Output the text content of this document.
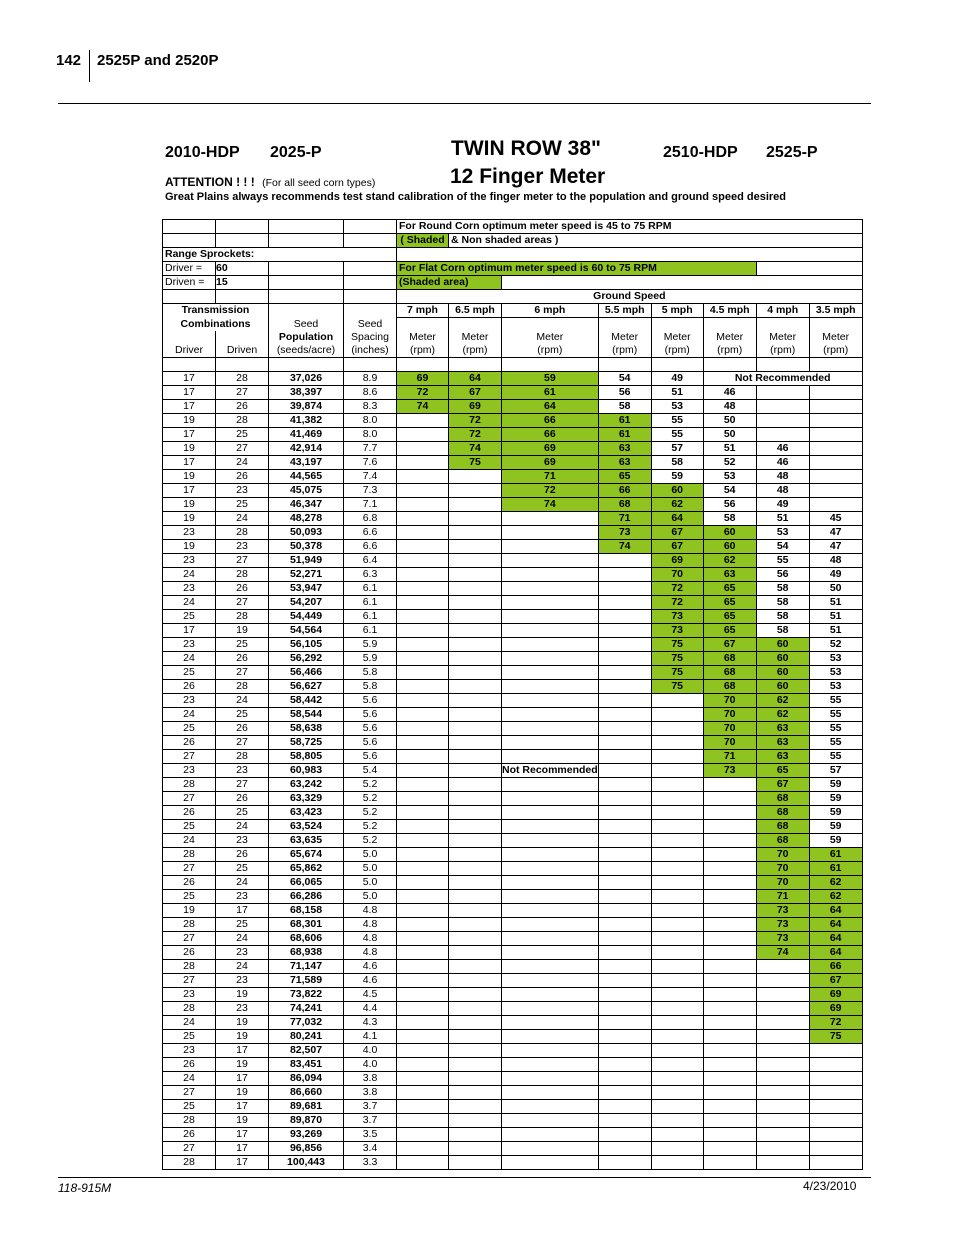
142 2525P and 2520P
2010-HDP 2025-P	2510-HDP 2525-P
TWIN ROW 38"
12 Finger Meter
ATTENTION ! ! ! (For all seed corn types)
Great Plains always recommends test stand calibration of the finger meter to the population and ground speed desired
				For Round Corn optimum meter speed is 45 to 75 RPM							
				( Shaded	& Non shaded areas )						
Range Sprockets:											
Driver =	60			For Flat Corn optimum meter speed is 60 to 75 RPM							
Driven =	15			(Shaded area)							
				Ground Speed							
Transmission				7 mph	6.5 mph	6 mph	5.5 mph	5 mph	4.5 mph	4 mph	3.5 mph
Combinations		Seed	Seed								
		Population	Spacing	Meter	Meter	Meter	Meter	Meter	Meter	Meter	Meter
Driver	Driven	(seeds/acre)	(inches)	(rpm)	(rpm)	(rpm)	(rpm)	(rpm)	(rpm)	(rpm)	(rpm)

17	28	37,026	8.9	69	64	59	54	49	Not Recommended		
17	27	38,397	8.6	72	67	61	56	51	46		
17	26	39,874	8.3	74	69	64	58	53	48		
19	28	41,382	8.0		72	66	61	55	50		
17	25	41,469	8.0		72	66	61	55	50		
19	27	42,914	7.7		74	69	63	57	51	46	
17	24	43,197	7.6		75	69	63	58	52	46	
19	26	44,565	7.4			71	65	59	53	48	
17	23	45,075	7.3			72	66	60	54	48	
19	25	46,347	7.1			74	68	62	56	49	
19	24	48,278	6.8				71	64	58	51	45
23	28	50,093	6.6				73	67	60	53	47
19	23	50,378	6.6				74	67	60	54	47
23	27	51,949	6.4					69	62	55	48
24	28	52,271	6.3					70	63	56	49
23	26	53,947	6.1					72	65	58	50
24	27	54,207	6.1					72	65	58	51
25	28	54,449	6.1					73	65	58	51
17	19	54,564	6.1					73	65	58	51
23	25	56,105	5.9					75	67	60	52
24	26	56,292	5.9					75	68	60	53
25	27	56,466	5.8					75	68	60	53
26	28	56,627	5.8					75	68	60	53
23	24	58,442	5.6						70	62	55
24	25	58,544	5.6						70	62	55
25	26	58,638	5.6						70	63	55
26	27	58,725	5.6						70	63	55
27	28	58,805	5.6						71	63	55
23	23	60,983	5.4			Not Recommended			73	65	57
28	27	63,242	5.2							67	59
27	26	63,329	5.2							68	59
26	25	63,423	5.2							68	59
25	24	63,524	5.2							68	59
24	23	63,635	5.2							68	59
28	26	65,674	5.0							70	61
27	25	65,862	5.0							70	61
26	24	66,065	5.0							70	62
25	23	66,286	5.0							71	62
19	17	68,158	4.8							73	64
28	25	68,301	4.8							73	64
27	24	68,606	4.8							73	64
26	23	68,938	4.8							74	64
28	24	71,147	4.6								66
27	23	71,589	4.6								67
23	19	73,822	4.5								69
28	23	74,241	4.4								69
24	19	77,032	4.3								72
25	19	80,241	4.1								75
23	17	82,507	4.0								
26	19	83,451	4.0								
24	17	86,094	3.8								
27	19	86,660	3.8								
25	17	89,681	3.7								
28	19	89,870	3.7								
26	17	93,269	3.5								
27	17	96,856	3.4								
28	17	100,443	3.3								
118-915M	4/23/2010
